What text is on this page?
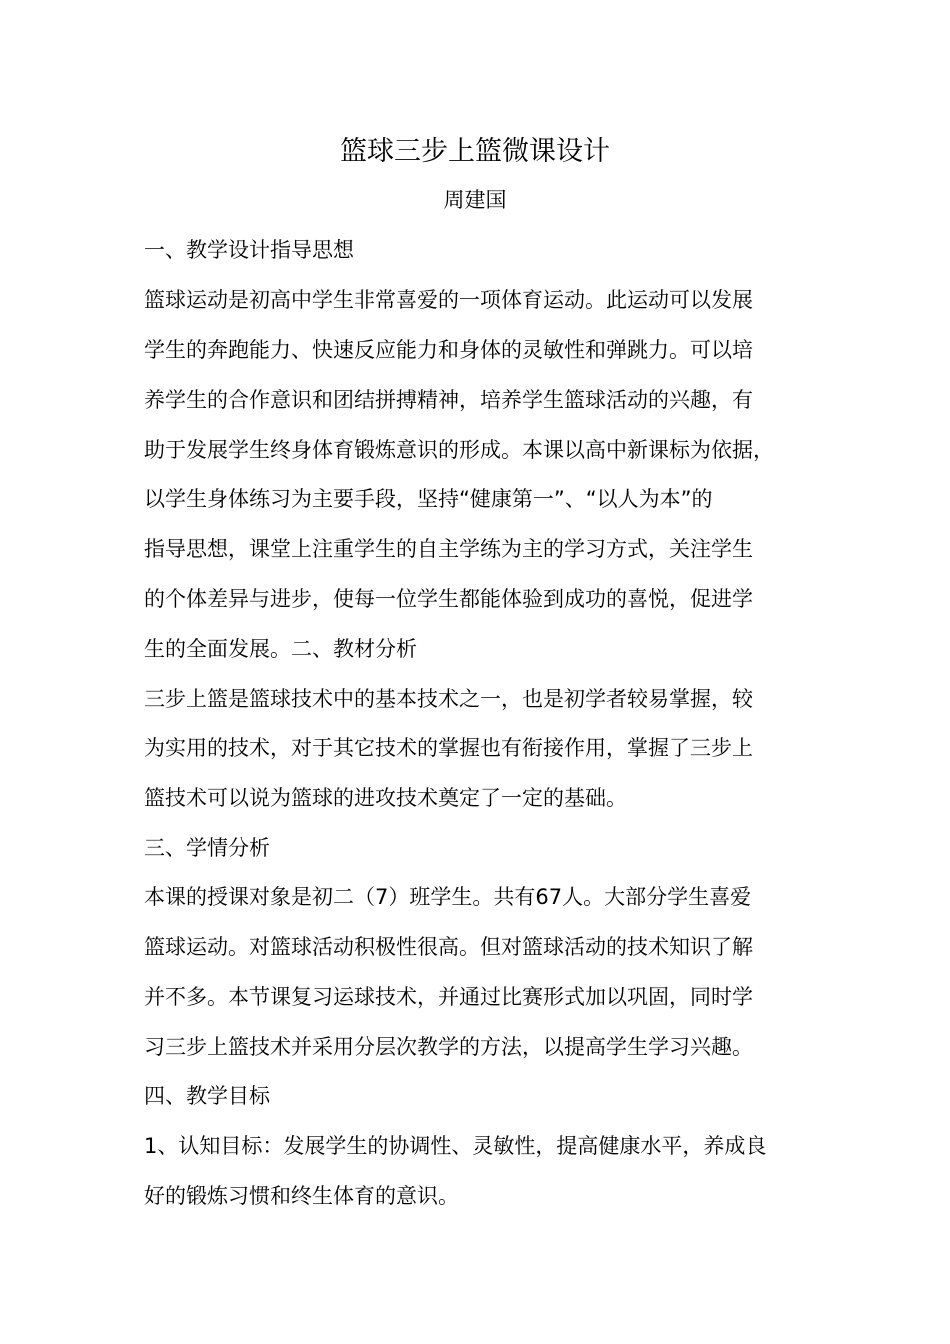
篮球三步上篮微课设计
周建国
一、教学设计指导思想
篮球运动是初高中学生非常喜爱的一项体育运动。此运动可以发展
学生的奔跑能力、快速反应能力和身体的灵敏性和弹跳力。可以培
养学生的合作意识和团结拼搏精神，培养学生篮球活动的兴趣，有
助于发展学生终身体育锻炼意识的形成。本课以高中新课标为依据，
以学生身体练习为主要手段，坚持“健康第一”、“以人为本”的
指导思想，课堂上注重学生的自主学练为主的学习方式，关注学生
的个体差异与进步，使每一位学生都能体验到成功的喜悦，促进学
生的全面发展。二、教材分析
三步上篮是篮球技术中的基本技术之一，也是初学者较易掌握，较
为实用的技术，对于其它技术的掌握也有衔接作用，掌握了三步上
篮技术可以说为篮球的进攻技术奠定了一定的基础。
三、学情分析
本课的授课对象是初二（7）班学生。共有67人。大部分学生喜爱
篮球运动。对篮球活动积极性很高。但对篮球活动的技术知识了解
并不多。本节课复习运球技术，并通过比赛形式加以巩固，同时学
习三步上篮技术并采用分层次教学的方法，以提高学生学习兴趣。
四、教学目标
1、认知目标：发展学生的协调性、灵敏性，提高健康水平，养成良
好的锻炼习惯和终生体育的意识。
